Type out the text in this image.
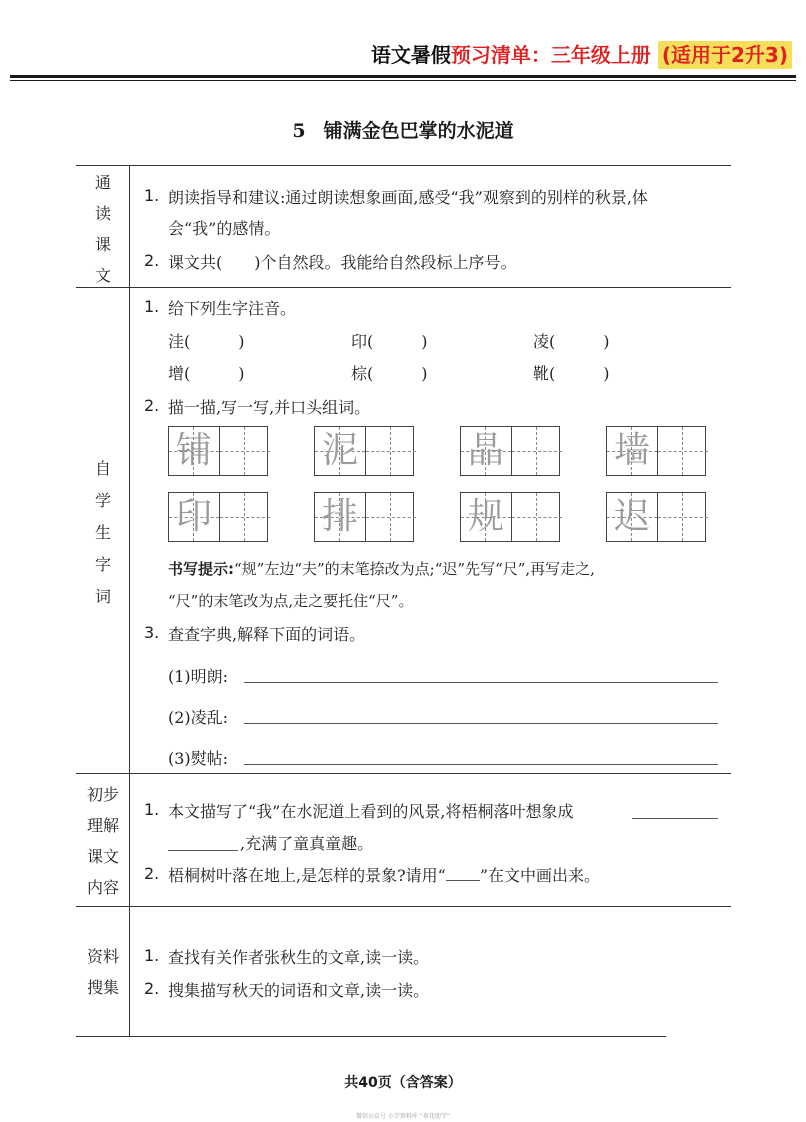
语文暑假预习清单：三年级上册 (适用于2升3)
5 铺满金色巴掌的水泥道
通
读
课
文
1. 朗读指导和建议:通过朗读想象画面,感受“我”观察到的别样的秋景,体
会“我”的感情。
2. 课文共(　　)个自然段。我能给自然段标上序号。
自
学
生
字
词
1. 给下列生字注音。
洼(　　　)	印(　　　)	凌(　　　)
增(　　　)	棕(　　　)	靴(　　　)
2. 描一描,写一写,并口头组词。
铺	泥	晶	墙
印	排	规	迟
书写提示:“规”左边“夫”的末笔捺改为点;“迟”先写“尺”,再写走之,
“尺”的末笔改为点,走之要托住“尺”。
3. 查查字典,解释下面的词语。
(1)明朗:
(2)凌乱:
(3)熨帖:
初步
理解
课文
内容
1. 本文描写了“我”在水泥道上看到的风景,将梧桐落叶想象成
,充满了童真童趣。
2. 梧桐树叶落在地上,是怎样的景象?请用“ ”在文中画出来。
资料
搜集
1. 查找有关作者张秋生的文章,读一读。
2. 搜集描写秋天的词语和文章,读一读。
共40页（含答案）
微信公众号 小学资料库 “荷花助学”
